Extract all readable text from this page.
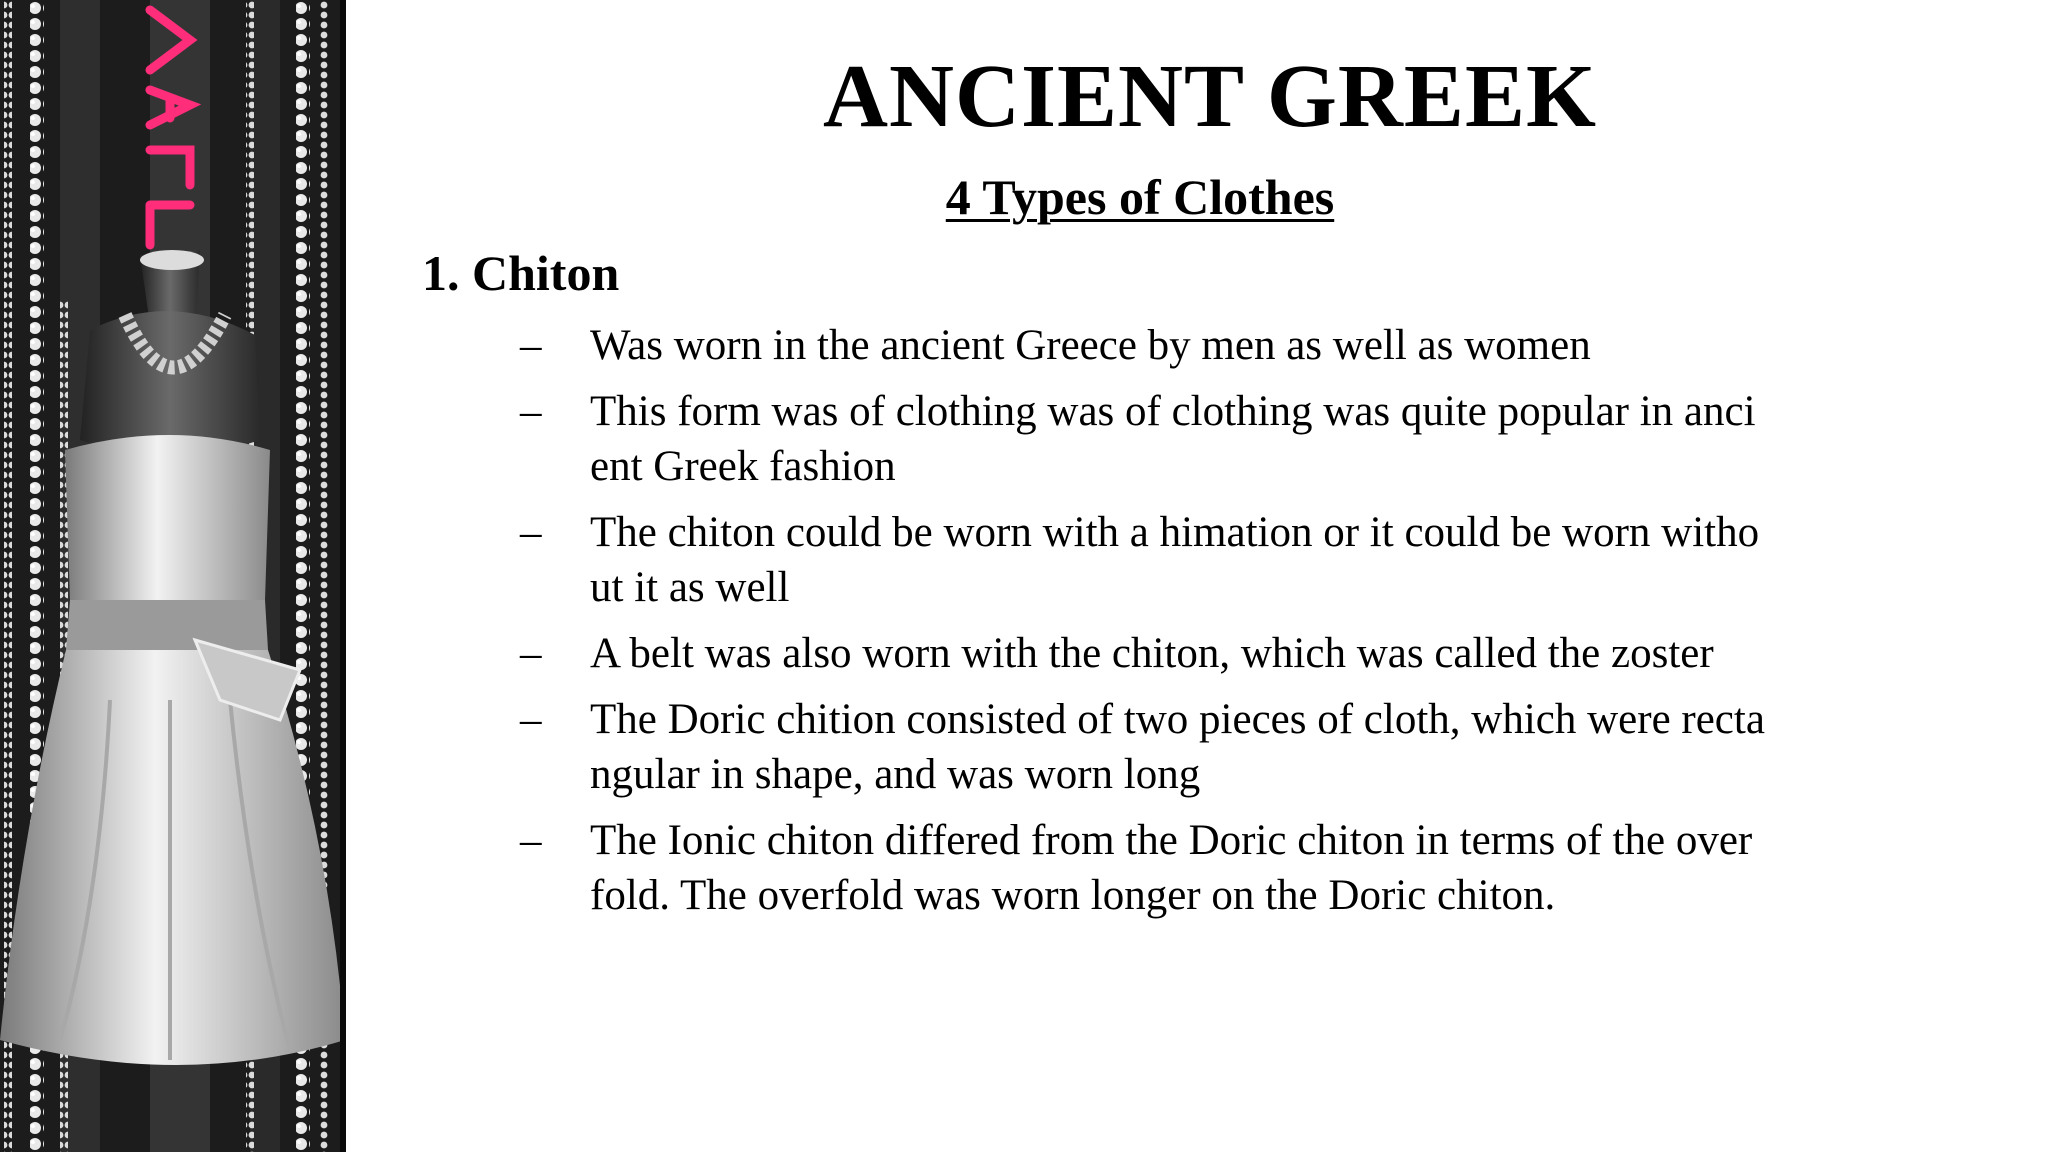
ANCIENT GREEK
4 Types of Clothes
1. Chiton
– Was worn in the ancient Greece by men as well as women
– This form was of clothing was of clothing was quite popular in anci
ent Greek fashion
– The chiton could be worn with a himation or it could be worn witho
ut it as well
– A belt was also worn with the chiton, which was called the zoster
– The Doric chition consisted of two pieces of cloth, which were recta
ngular in shape, and was worn long
– The Ionic chiton differed from the Doric chiton in terms of the over
fold. The overfold was worn longer on the Doric chiton.
